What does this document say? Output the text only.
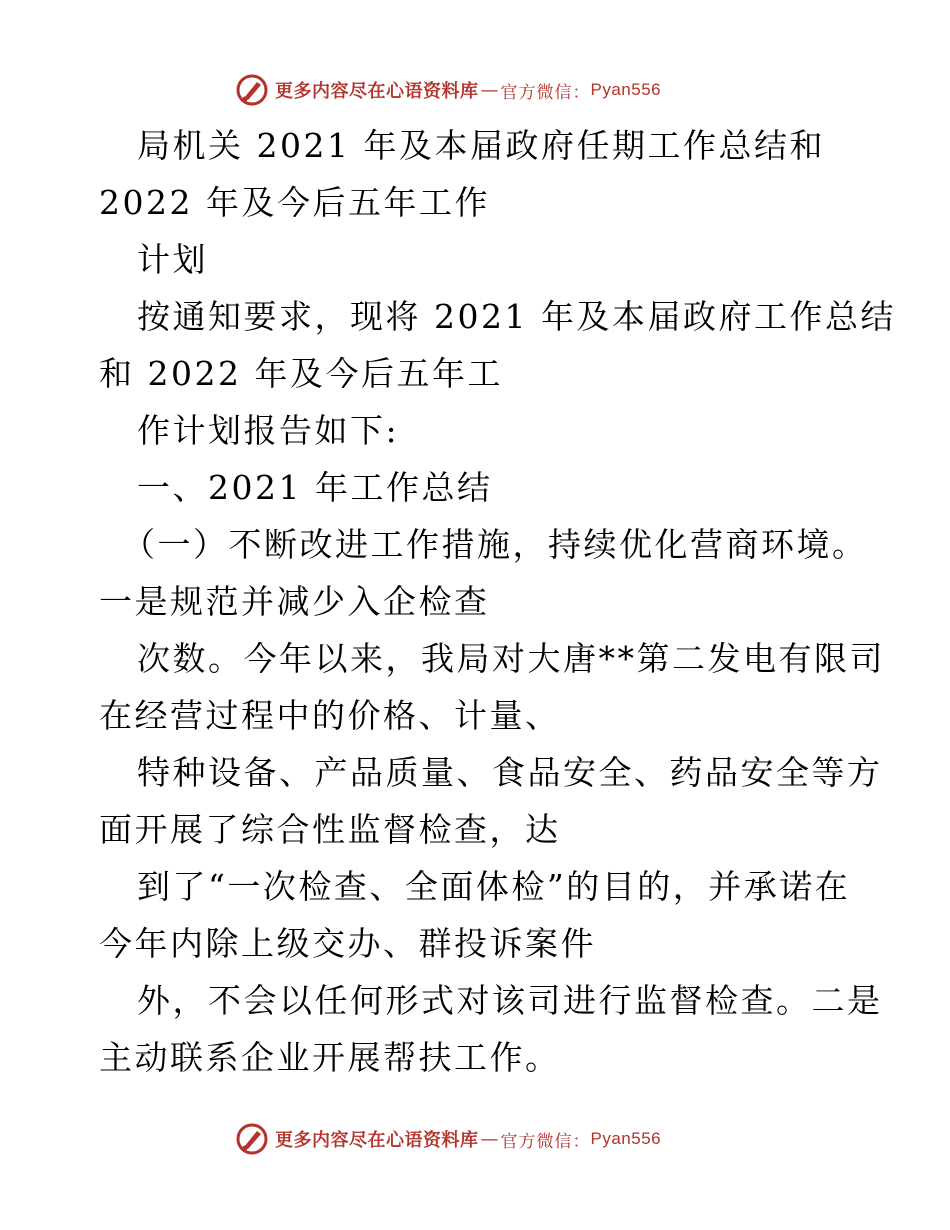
更多内容尽在心语资料库 — 官方微信： Pyan556
局机关 2021 年及本届政府任期工作总结和
2022 年及今后五年工作
计划
按通知要求，现将 2021 年及本届政府工作总结
和 2022 年及今后五年工
作计划报告如下:
一、2021 年工作总结
（一）不断改进工作措施，持续优化营商环境。
一是规范并减少入企检查
次数。今年以来，我局对大唐**第二发电有限司
在经营过程中的价格、计量、
特种设备、产品质量、食品安全、药品安全等方
面开展了综合性监督检查，达
到了“一次检查、全面体检”的目的，并承诺在
今年内除上级交办、群投诉案件
外，不会以任何形式对该司进行监督检查。二是
主动联系企业开展帮扶工作。
更多内容尽在心语资料库 — 官方微信： Pyan556
